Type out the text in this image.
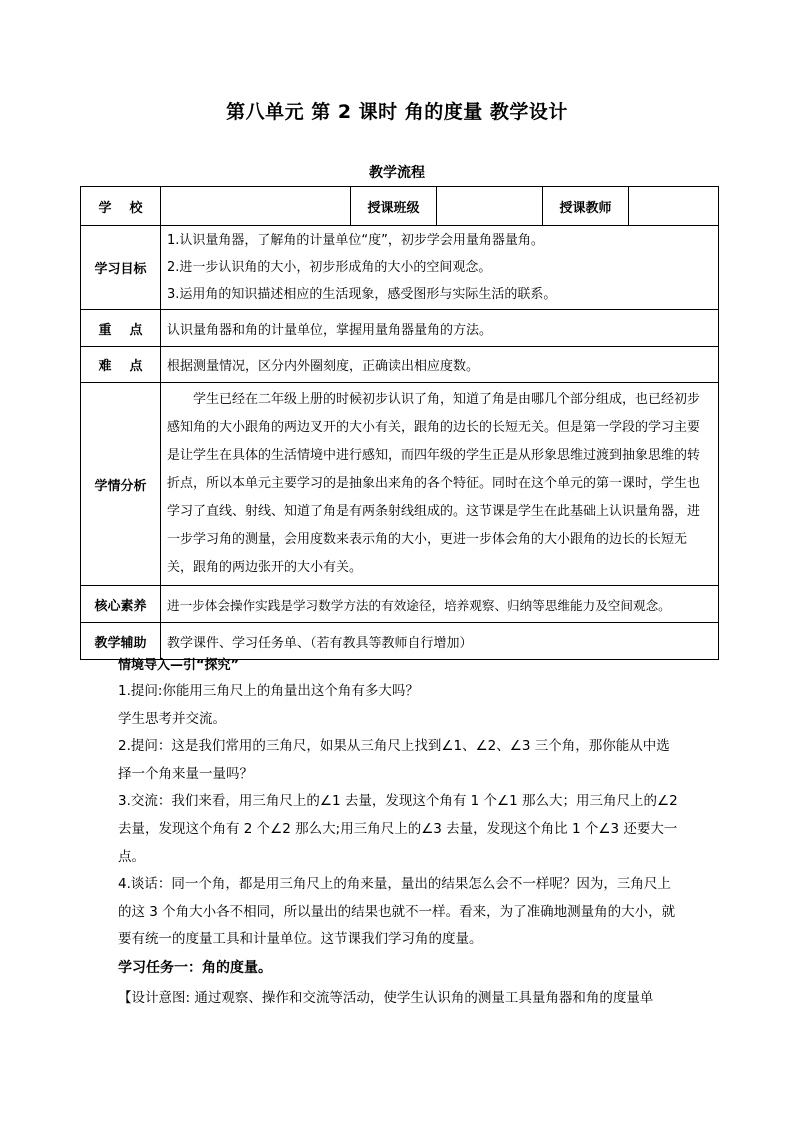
第八单元 第 2 课时 角的度量 教学设计
教学流程
学    校		授课班级		授课教师	
学习目标	1.认识量角器，了解角的计量单位“度”，初步学会用量角器量角。
2.进一步认识角的大小，初步形成角的大小的空间观念。
3.运用角的知识描述相应的生活现象，感受图形与实际生活的联系。				

重    点	认识量角器和角的计量单位，掌握用量角器量角的方法。				
难    点	根据测量情况，区分内外圈刻度，正确读出相应度数。				
学情分析	学生已经在二年级上册的时候初步认识了角，知道了角是由哪几个部分组成，也已经初步感知角的大小跟角的两边叉开的大小有关，跟角的边长的长短无关。但是第一学段的学习主要是让学生在具体的生活情境中进行感知，而四年级的学生正是从形象思维过渡到抽象思维的转折点，所以本单元主要学习的是抽象出来角的各个特征。同时在这个单元的第一课时，学生也学习了直线、射线、知道了角是有两条射线组成的。这节课是学生在此基础上认识量角器，进一步学习角的测量，会用度数来表示角的大小，更进一步体会角的大小跟角的边长的长短无关，跟角的两边张开的大小有关。				
核心素养	进一步体会操作实践是学习数学方法的有效途径，培养观察、归纳等思维能力及空间观念。				
教学辅助	教学课件、学习任务单、（若有教具等教师自行增加）				
情境导入—引“探究”

1.提问:你能用三角尺上的角量出这个角有多大吗？

学生思考并交流。

2.提问：这是我们常用的三角尺，如果从三角尺上找到∠1、∠2、∠3 三个角，那你能从中选择一个角来量一量吗？

3.交流：我们来看，用三角尺上的∠1 去量，发现这个角有 1 个∠1 那么大；用三角尺上的∠2 去量，发现这个角有 2 个∠2 那么大;用三角尺上的∠3 去量，发现这个角比 1 个∠3 还要大一点。

4.谈话：同一个角，都是用三角尺上的角来量，量出的结果怎么会不一样呢？因为，三角尺上的这 3 个角大小各不相同，所以量出的结果也就不一样。看来，为了准确地测量角的大小，就要有统一的度量工具和计量单位。这节课我们学习角的度量。

学习任务一：角的度量。
【设计意图: 通过观察、操作和交流等活动，使学生认识角的测量工具量角器和角的度量单
